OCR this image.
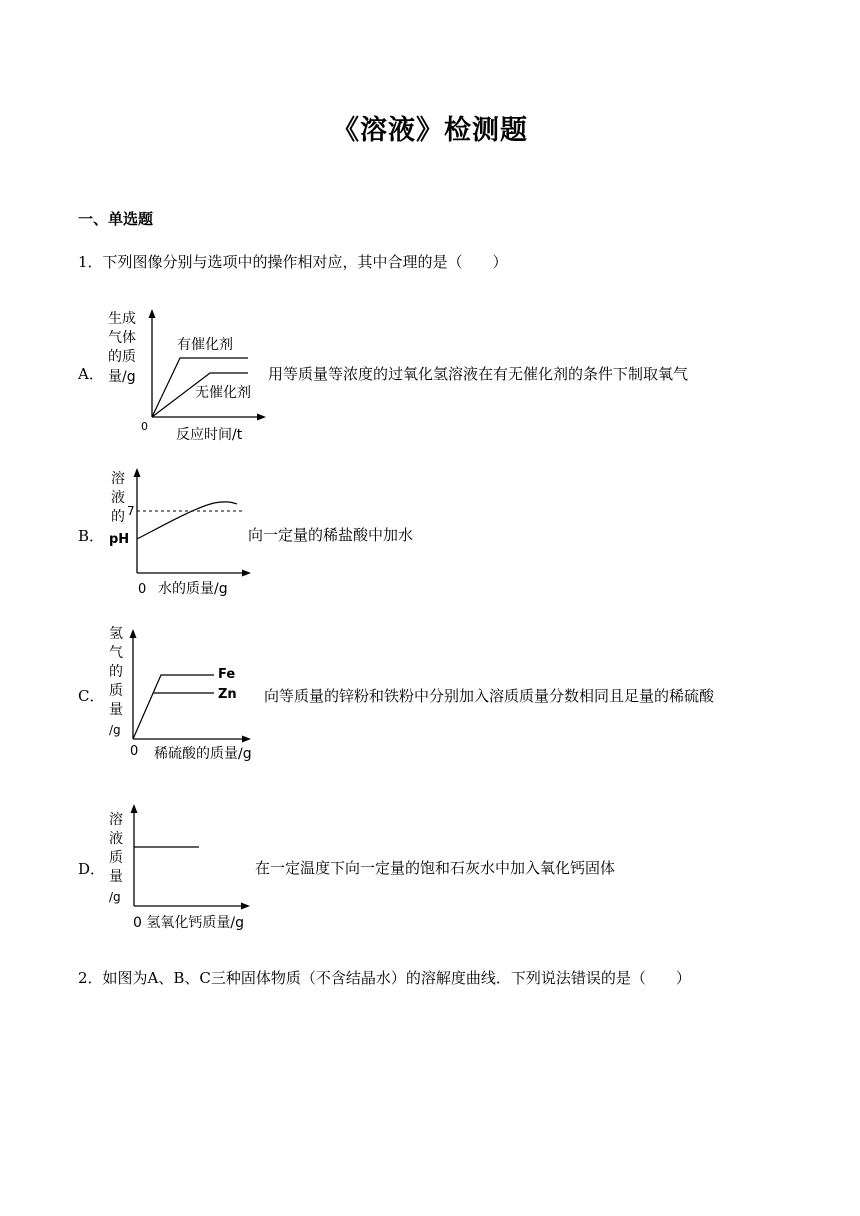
《溶液》检测题
一、单选题
1．下列图像分别与选项中的操作相对应，其中合理的是（　　）
A．
生成
气体
的质
量/g
0
反应时间/t
有催化剂
无催化剂
用等质量等浓度的过氧化氢溶液在有无催化剂的条件下制取氧气
B．
溶
液
的
pH
7
0 水的质量/g
向一定量的稀盐酸中加水
C．
氢
气
的
质
量
/g
Fe
Zn
0 稀硫酸的质量/g
向等质量的锌粉和铁粉中分别加入溶质质量分数相同且足量的稀硫酸
D．
溶
液
质
量
/g
0 氢氧化钙质量/g
在一定温度下向一定量的饱和石灰水中加入氧化钙固体
2．如图为A、B、C三种固体物质（不含结晶水）的溶解度曲线．下列说法错误的是（　　）
